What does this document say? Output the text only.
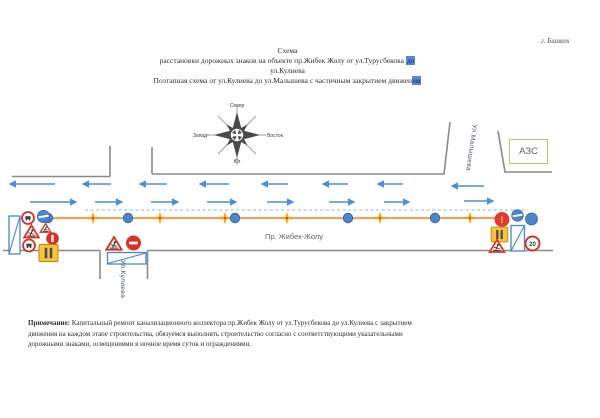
г. Бишкек
Схема
расстановки дорожных знаков на объекте пр.Жибек Жолу от ул.Турусбекова до
ул.Кулиева
Поэтапная схема от ул.Кулиева до ул.Малышева с частичным закрытием движения
20
!
Север
Юг
Запад	Восток
Пр. Жибек-Жолу
Ул.Кулиева
Ул.Малышева	АЗС
Примечание: Капитальный ремонт канализационного коллектора пр.Жибек Жолу от ул.Турусбекова до ул.Кулиева с закрытием
движения на каждом этапе строительства, обязуемся выполнять строительство согласно с соответствующими указательными
дорожными знаками, освещениями в ночное время суток и ограждениями.
